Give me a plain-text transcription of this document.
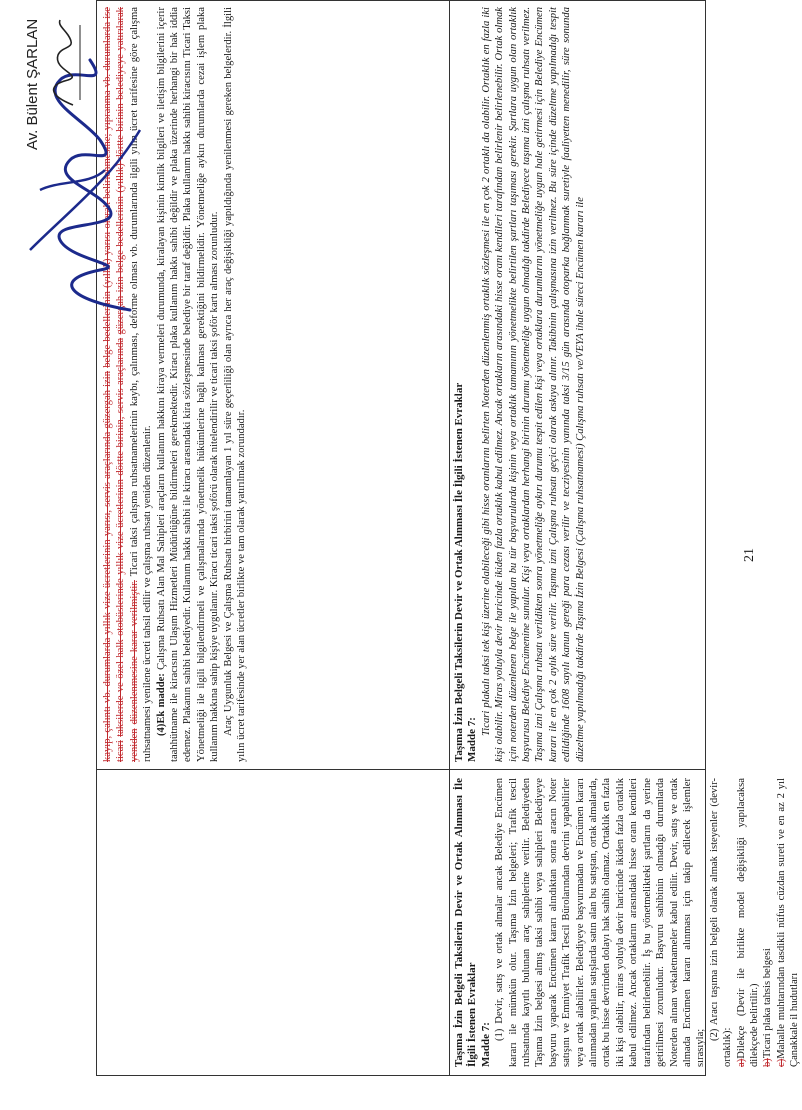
kayıp, çalıntı vb. durumlarda yıllık vize ücretlerinin yarısı, servis araçlarında güzergah izin belge bedellerinin (yıllık) yarısı olarak belirlenmesine; yıpranma vb. durumlarda ise ticari taksilerde ve özel halk otobüslerinde yıllık vize ücretlerinin dörtte birinin, servis araçlarında güzergah izin belge bedellerinin (yıllık) dörtte birinin belediyeye yatırılarak yeniden düzenlenmesine karar verilmiştir. Ticari taksi çalışma ruhsatnamelerinin kaybı, çalınması, deforme olması vb. durumlarında ilgili yılın ücret tarifesine göre çalışma ruhsatnamesi yenilene ücreti tahsil edilir ve çalışma ruhsatı yeniden düzenlenir. (4)Ek madde: Çalışma Ruhsatı Alan Mal Sahipleri araçların kullanım hakkını kiraya vermeleri durumunda, kiralayan kişinin kimlik bilgileri ve iletişim bilgilerini içerir taahhütname ile kiracısını Ulaşım Hizmetleri Müdürlüğüne bildirmeleri gerekmektedir. Kiracı plaka kullanım hakkı sahibi değildir ve plaka üzerinde herhangi bir hak iddia edemez. Plakanın sahibi belediyedir. Kullanım hakkı sahibi ile kiracı arasındaki kira sözleşmesinde belediye bir taraf değildir. Plaka kullanım hakkı sahibi kiracısını Ticari Taksi Yönetmeliği ile ilgili bilgilendirmeli ve çalışmalarında yönetmelik hükümlerine bağlı kalması gerektiğini bildirmelidir. Yönetmeliğe aykırı durumlarda cezai işlem plaka kullanım hakkına sahip kişiye uygulanır. Kiracı ticari taksi şoförü olarak nitelendirilir ve ticari taksi şoför kartı alması zorunludur. Araç Uygunluk Belgesi ve Çalışma Ruhsatı birbirini tamamlayan 1 yıl süre geçerliliği olan ayrıca her araç değişikliği yapıldığında yenilenmesi gereken belgelerdir. İlgili yılın ücret tarifesinde yer alan ücretler birlikte ve tam olarak yatırılmak zorundadır.

Taşıma İzin Belgeli Taksilerin Devir ve Ortak Alınması İle İlgili İstenen Evraklar Madde 7:

(1) Devir, satış ve ortak almalar ancak Belediye Encümen kararı ile mümkün olur. Taşıma İzin belgeleri; Trafik tescil ruhsatında kayıtlı bulunan araç sahiplerine verilir. Belediyeden Taşıma İzin belgesi almış taksi sahibi veya sahipleri Belediyeye başvuru yaparak Encümen kararı alındıktan sonra aracın Noter satışını ve Emniyet Trafik Tescil Bürolarından devrini yapabilirler veya ortak alabilirler. Belediyeye başvurmadan ve Encümen kararı alınmadan yapılan satışlarda satın alan bu satıştan, ortak almalarda, ortak bu hisse devrinden dolayı hak sahibi olamaz. Ortaklık en fazla iki kişi olabilir, miras yoluyla devir haricinde ikiden fazla ortaklık kabul edilmez. Ancak ortakların arasındaki hisse oranı kendileri tarafından belirlenebilir. İş bu yönetmelikteki şartların da yerine getirilmesi zorunludur. Başvuru sahibinin olmadığı durumlarda Noterden alınan vekaletnameler kabul edilir. Devir, satış ve ortak almada Encümen kararı alınması için takip edilecek işlemler sırasıyla;

(2) Aracı taşıma izin belgeli olarak almak isteyenler (devir-ortaklık): a)Dilekçe (Devir ile birlikte model değişikliği yapılacaksa dilekçede belirtilir.) b)Ticari plaka tahsis belgesi

c)Mahalle muhtarından tasdikli nüfus cüzdan sureti ve en az 2 yıl Çanakkale il hudutları

Taşıma İzin Belgeli Taksilerin Devir ve Ortak Alınması İle İlgili İstenen Evraklar Madde 7:

Ticari plakalı taksi tek kişi üzerine olabileceği gibi hisse oranlarını belirten Noterden düzenlenmiş ortaklık sözleşmesi ile en çok 2 ortaklı da olabilir. Ortaklık en fazla iki kişi olabilir. Miras yoluyla devir haricinde ikiden fazla ortaklık kabul edilmez. Ancak ortakların arasındaki hisse oranı kendileri tarafından belirlenir belirlenebilir. Ortak olmak için noterden düzenlenen belge ile yapılan bu tür başvurularda kişinin veya ortaklık tamamının yönetmelikte belirtilen şartları taşıması gerekir. Şartlara uygun olan ortaklık başvurusu Belediye Encümenine sunulur. Kişi veya ortaklardan herhangi birinin durumu yönetmeliğe uygun olmadığı takdirde Belediyece taşıma izni çalışma ruhsatı verilmez. Taşıma izni Çalışma ruhsatı verildikten sonra yönetmeliğe aykırı durumu tespit edilen kişi veya ortaklara durumlarını yönetmeliğe uygun hale getirmesi için Belediye Encümen kararı ile en çok 2 aylık süre verilir. Taşıma izni Çalışma ruhsatı geçici olarak askıya alınır. Takibinin çalışmasına izin verilmez. Bu süre içinde düzeltme yapılmadığı tespit edildiğinde 1608 sayılı kanun gereği para cezası verilir ve tecziyesinin yanında taksi 3/15 gün arasında otoparka bağlanmak suretiyle faaliyetten menedilir, süre sonunda düzeltme yapılmadığı takdirde Taşıma İzin Belgesi (Çalışma ruhsatnamesi) Çalışma ruhsatı ve/VEYA ihale süreci Encümen kararı ile	21
Av. Bülent ŞARLAN
